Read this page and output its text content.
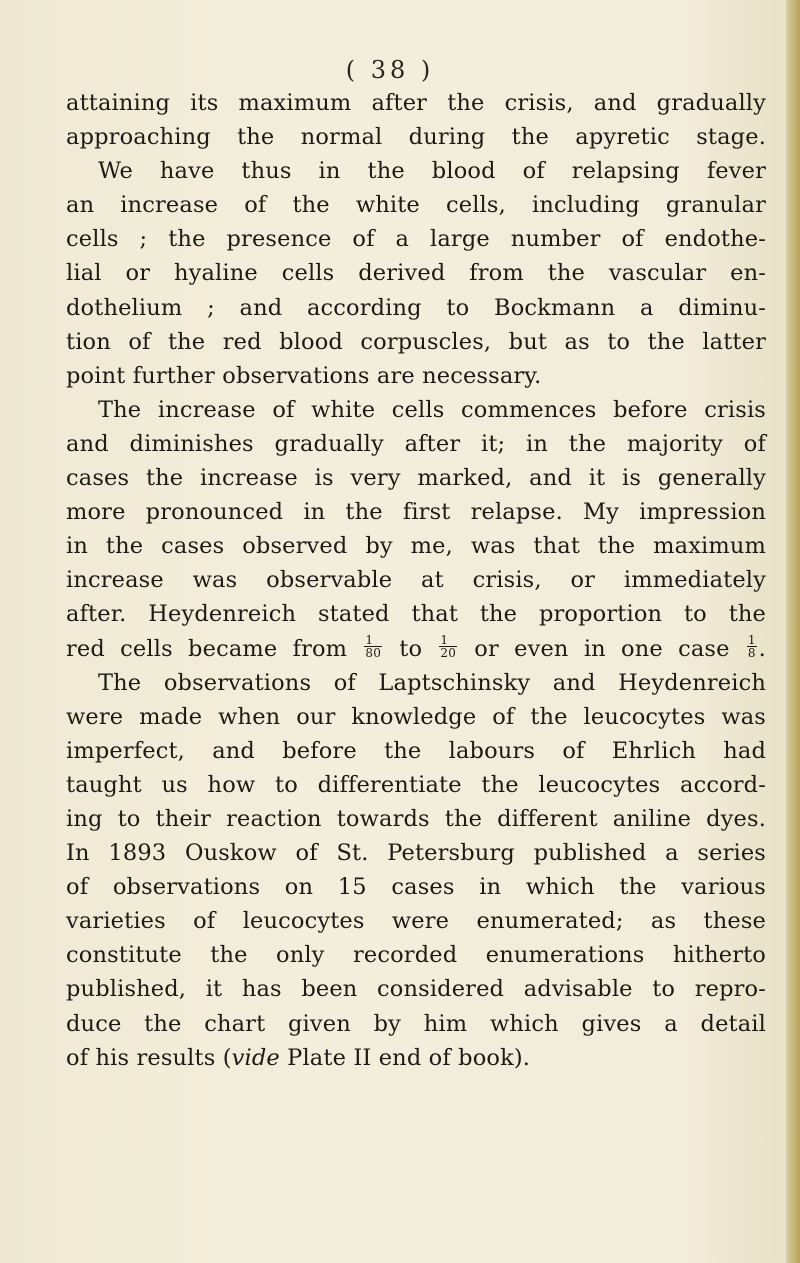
( 38 )
attaining its maximum after the crisis, and gradually
approaching the normal during the apyretic stage.
We have thus in the blood of relapsing fever
an increase of the white cells, including granular
cells ; the presence of a large number of endothe-
lial or hyaline cells derived from the vascular en-
dothelium ; and according to Bockmann a diminu-
tion of the red blood corpuscles, but as to the latter
point further observations are necessary.
The increase of white cells commences before crisis
and diminishes gradually after it; in the majority of
cases the increase is very marked, and it is generally
more pronounced in the first relapse. My impression
in the cases observed by me, was that the maximum
increase was observable at crisis, or immediately
after. Heydenreich stated that the proportion to the
red cells became from $\frac{1}{80}$ to $\frac{1}{20}$ or even in one case $\frac{1}{8}$ .
The observations of Laptschinsky and Heydenreich
were made when our knowledge of the leucocytes was
imperfect, and before the labours of Ehrlich had
taught us how to differentiate the leucocytes accord-
ing to their reaction towards the different aniline dyes.
In 1893 Ouskow of St. Petersburg published a series
of observations on 15 cases in which the various
varieties of leucocytes were enumerated; as these
constitute the only recorded enumerations hitherto
published, it has been considered advisable to repro-
duce the chart given by him which gives a detail
of his results (vide Plate II end of book).
